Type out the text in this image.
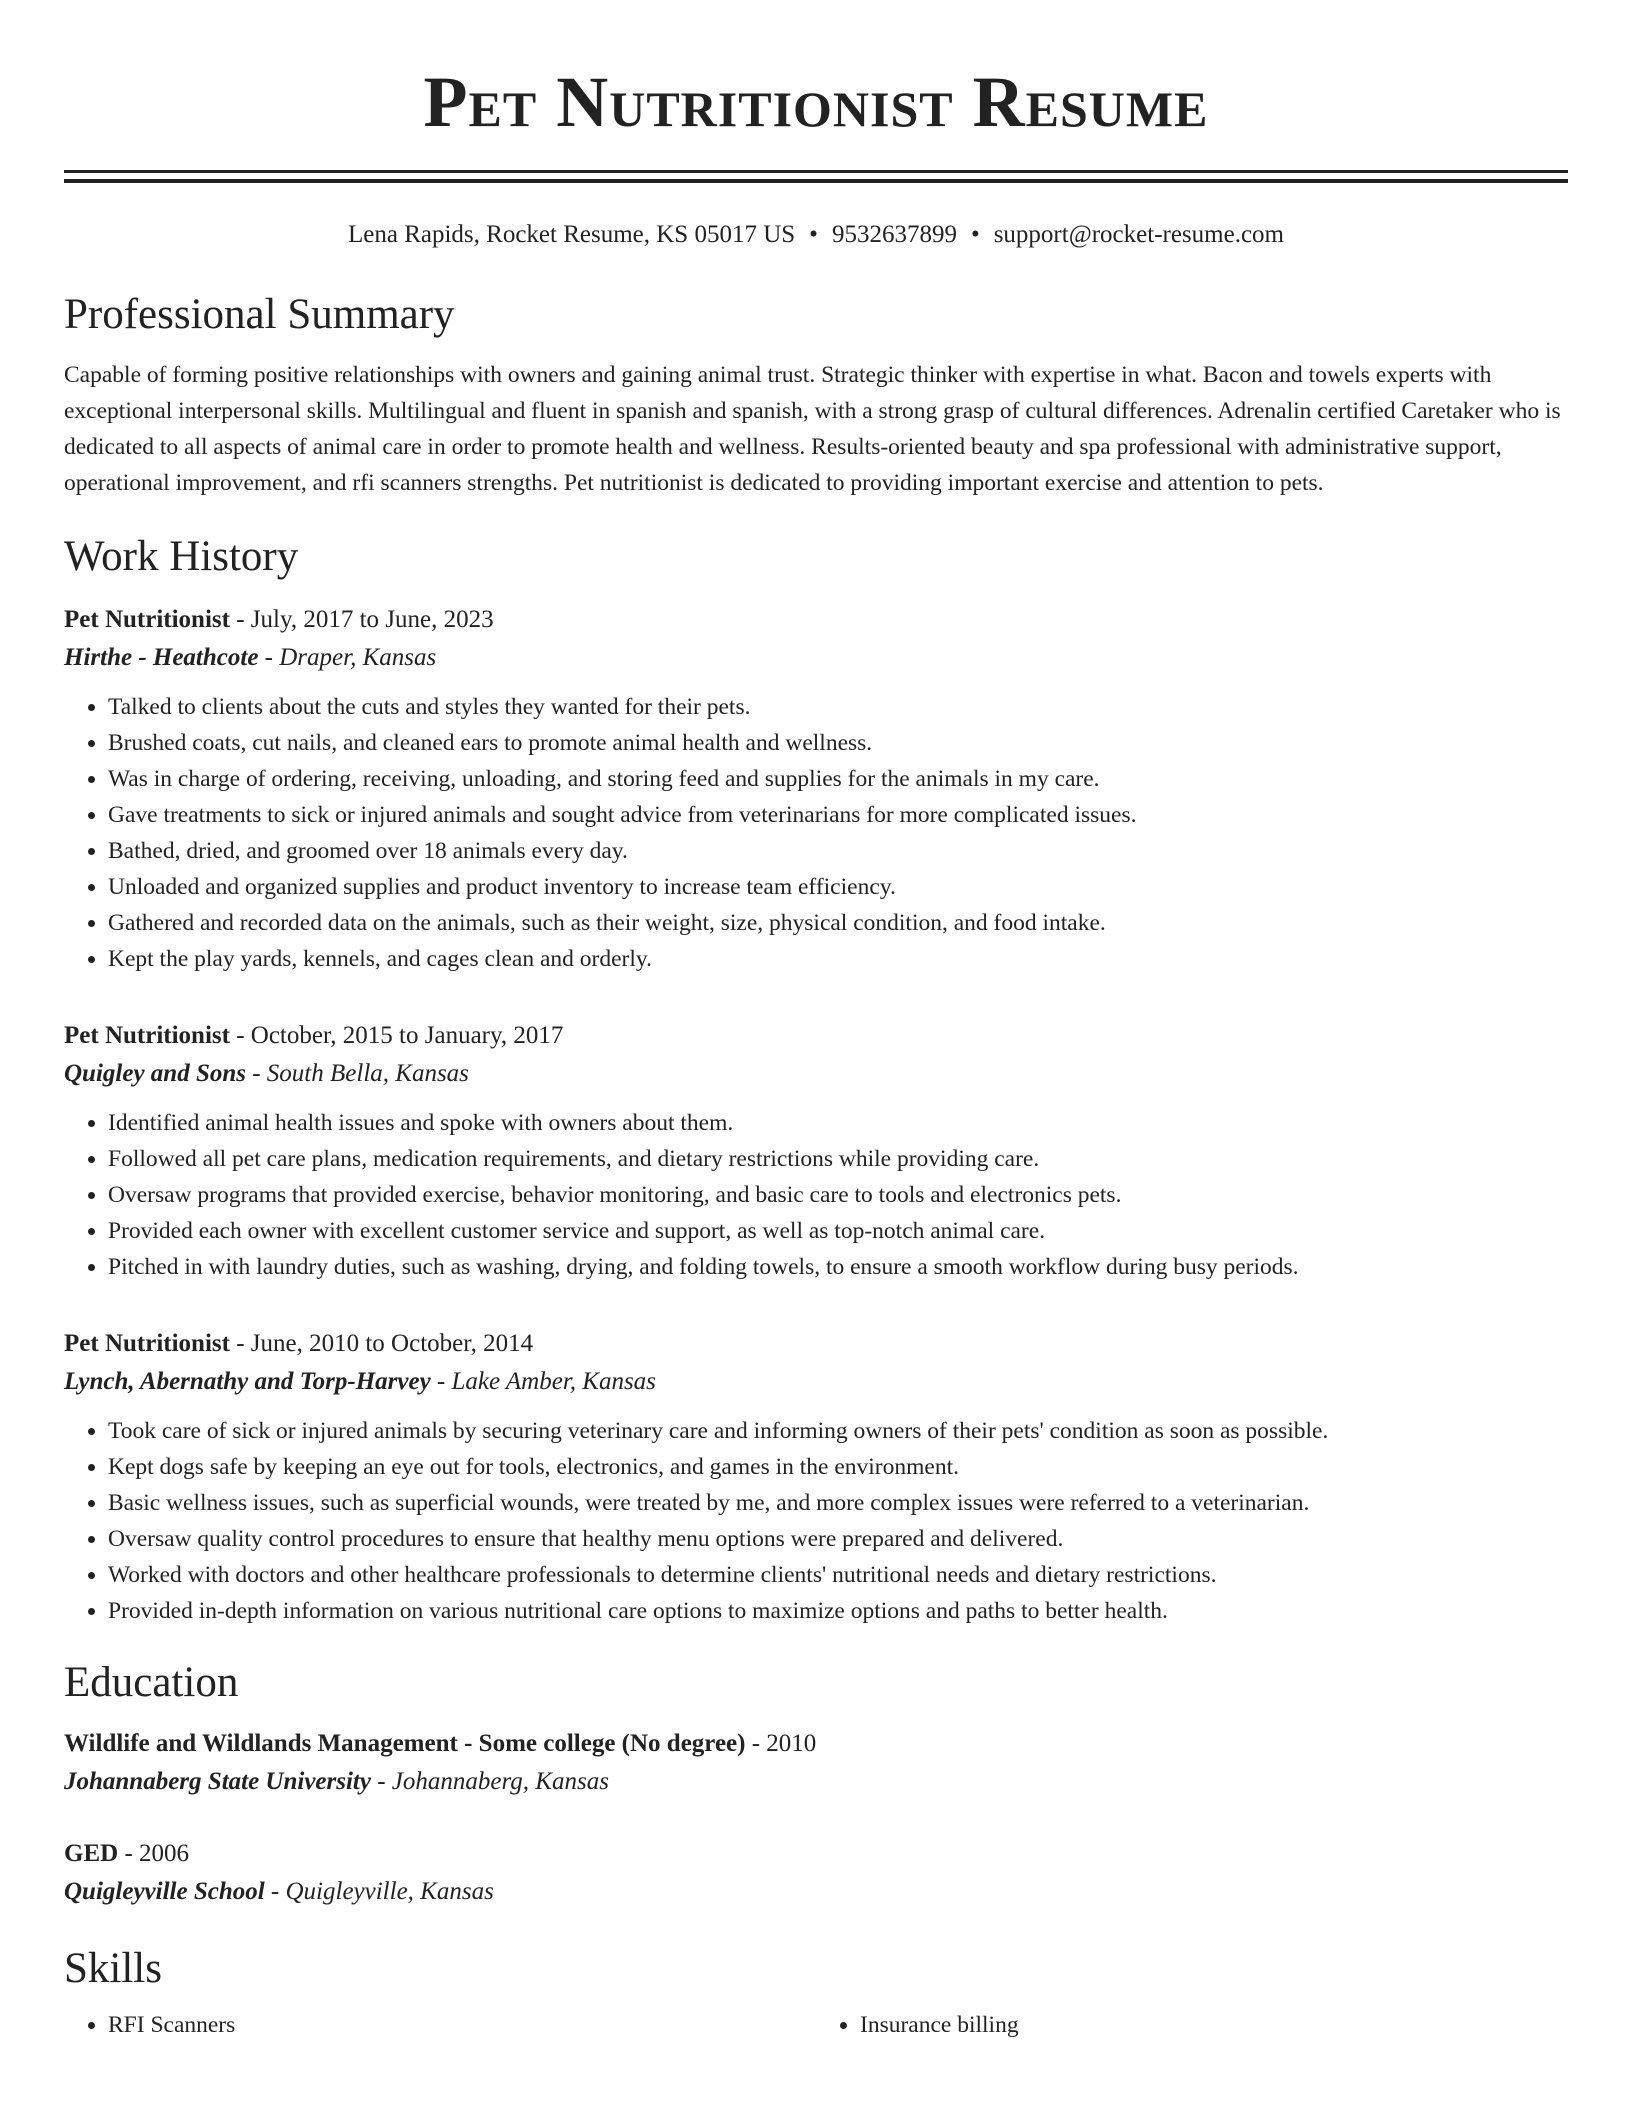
Pet Nutritionist Resume
Lena Rapids, Rocket Resume, KS 05017 US • 9532637899 • support@rocket-resume.com
Professional Summary

Capable of forming positive relationships with owners and gaining animal trust. Strategic thinker with expertise in what. Bacon and towels experts with exceptional interpersonal skills. Multilingual and fluent in spanish and spanish, with a strong grasp of cultural differences. Adrenalin certified Caretaker who is dedicated to all aspects of animal care in order to promote health and wellness. Results-oriented beauty and spa professional with administrative support, operational improvement, and rfi scanners strengths. Pet nutritionist is dedicated to providing important exercise and attention to pets.

Work History
Pet Nutritionist - July, 2017 to June, 2023
Hirthe - Heathcote - Draper, Kansas
• Talked to clients about the cuts and styles they wanted for their pets.
• Brushed coats, cut nails, and cleaned ears to promote animal health and wellness.
• Was in charge of ordering, receiving, unloading, and storing feed and supplies for the animals in my care.
• Gave treatments to sick or injured animals and sought advice from veterinarians for more complicated issues.
• Bathed, dried, and groomed over 18 animals every day.
• Unloaded and organized supplies and product inventory to increase team efficiency.
• Gathered and recorded data on the animals, such as their weight, size, physical condition, and food intake.
• Kept the play yards, kennels, and cages clean and orderly.
Pet Nutritionist - October, 2015 to January, 2017
Quigley and Sons - South Bella, Kansas
• Identified animal health issues and spoke with owners about them.
• Followed all pet care plans, medication requirements, and dietary restrictions while providing care.
• Oversaw programs that provided exercise, behavior monitoring, and basic care to tools and electronics pets.
• Provided each owner with excellent customer service and support, as well as top-notch animal care.
• Pitched in with laundry duties, such as washing, drying, and folding towels, to ensure a smooth workflow during busy periods.
Pet Nutritionist - June, 2010 to October, 2014
Lynch, Abernathy and Torp-Harvey - Lake Amber, Kansas
• Took care of sick or injured animals by securing veterinary care and informing owners of their pets' condition as soon as possible.
• Kept dogs safe by keeping an eye out for tools, electronics, and games in the environment.
• Basic wellness issues, such as superficial wounds, were treated by me, and more complex issues were referred to a veterinarian.
• Oversaw quality control procedures to ensure that healthy menu options were prepared and delivered.
• Worked with doctors and other healthcare professionals to determine clients' nutritional needs and dietary restrictions.
• Provided in-depth information on various nutritional care options to maximize options and paths to better health.
Education
Wildlife and Wildlands Management - Some college (No degree) - 2010
Johannaberg State University - Johannaberg, Kansas
GED - 2006
Quigleyville School - Quigleyville, Kansas
Skills
• RFI Scanners
•	Insurance billing
